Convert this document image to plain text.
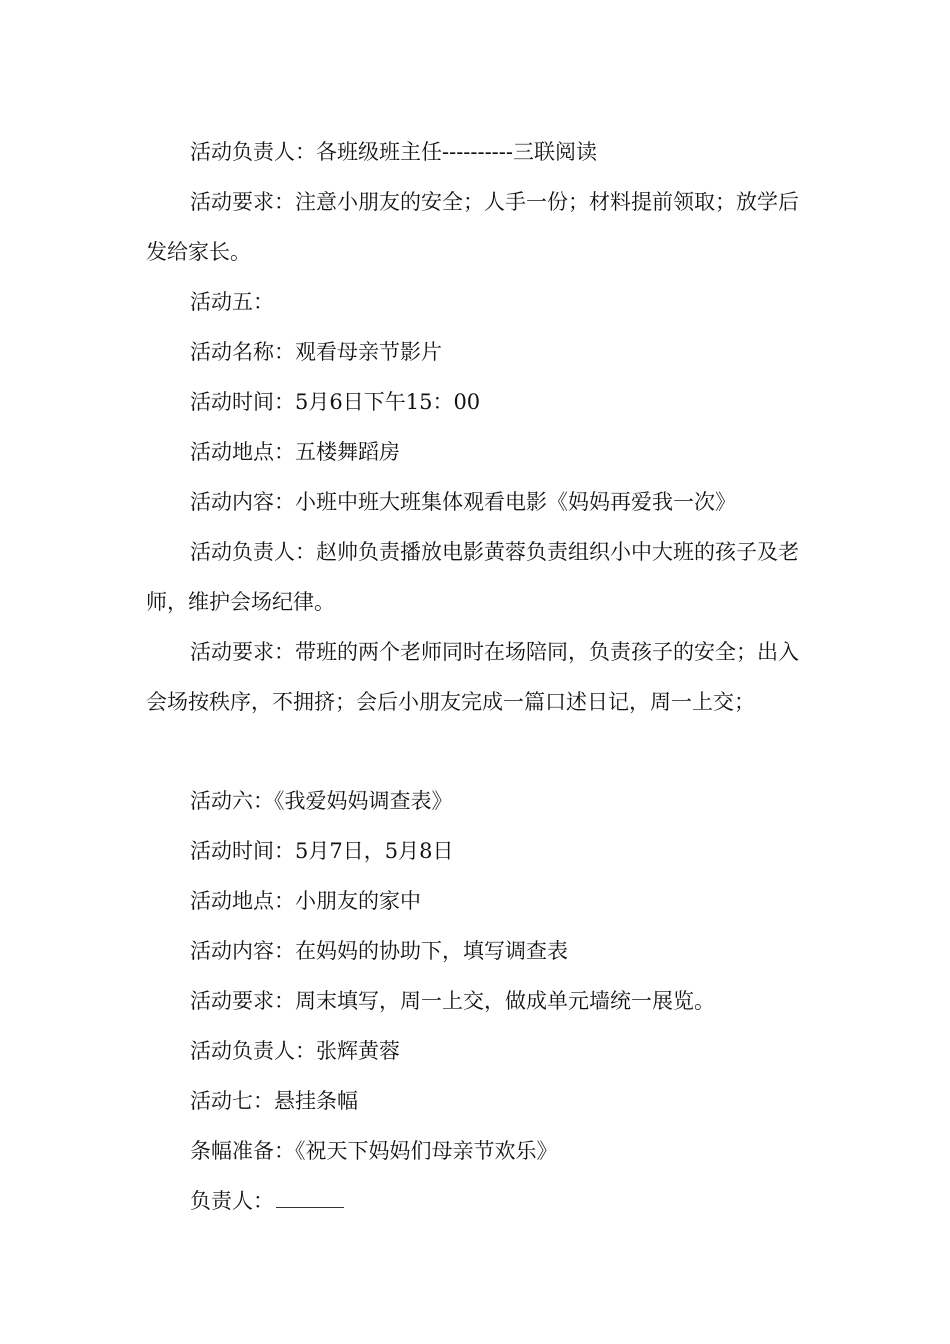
活动负责人：各班级班主任----------三联阅读

活动要求：注意小朋友的安全；人手一份；材料提前领取；放学后发给家长。

活动五：

活动名称：观看母亲节影片

活动时间：5月6日下午15：00

活动地点：五楼舞蹈房

活动内容：小班中班大班集体观看电影《妈妈再爱我一次》

活动负责人：赵帅负责播放电影黄蓉负责组织小中大班的孩子及老师，维护会场纪律。

活动要求：带班的两个老师同时在场陪同，负责孩子的安全；出入会场按秩序，不拥挤；会后小朋友完成一篇口述日记，周一上交；

活动六：《我爱妈妈调查表》

活动时间：5月7日，5月8日

活动地点：小朋友的家中

活动内容：在妈妈的协助下，填写调查表

活动要求：周末填写，周一上交，做成单元墙统一展览。

活动负责人：张辉黄蓉

活动七：悬挂条幅

条幅准备：《祝天下妈妈们母亲节欢乐》

负责人：
